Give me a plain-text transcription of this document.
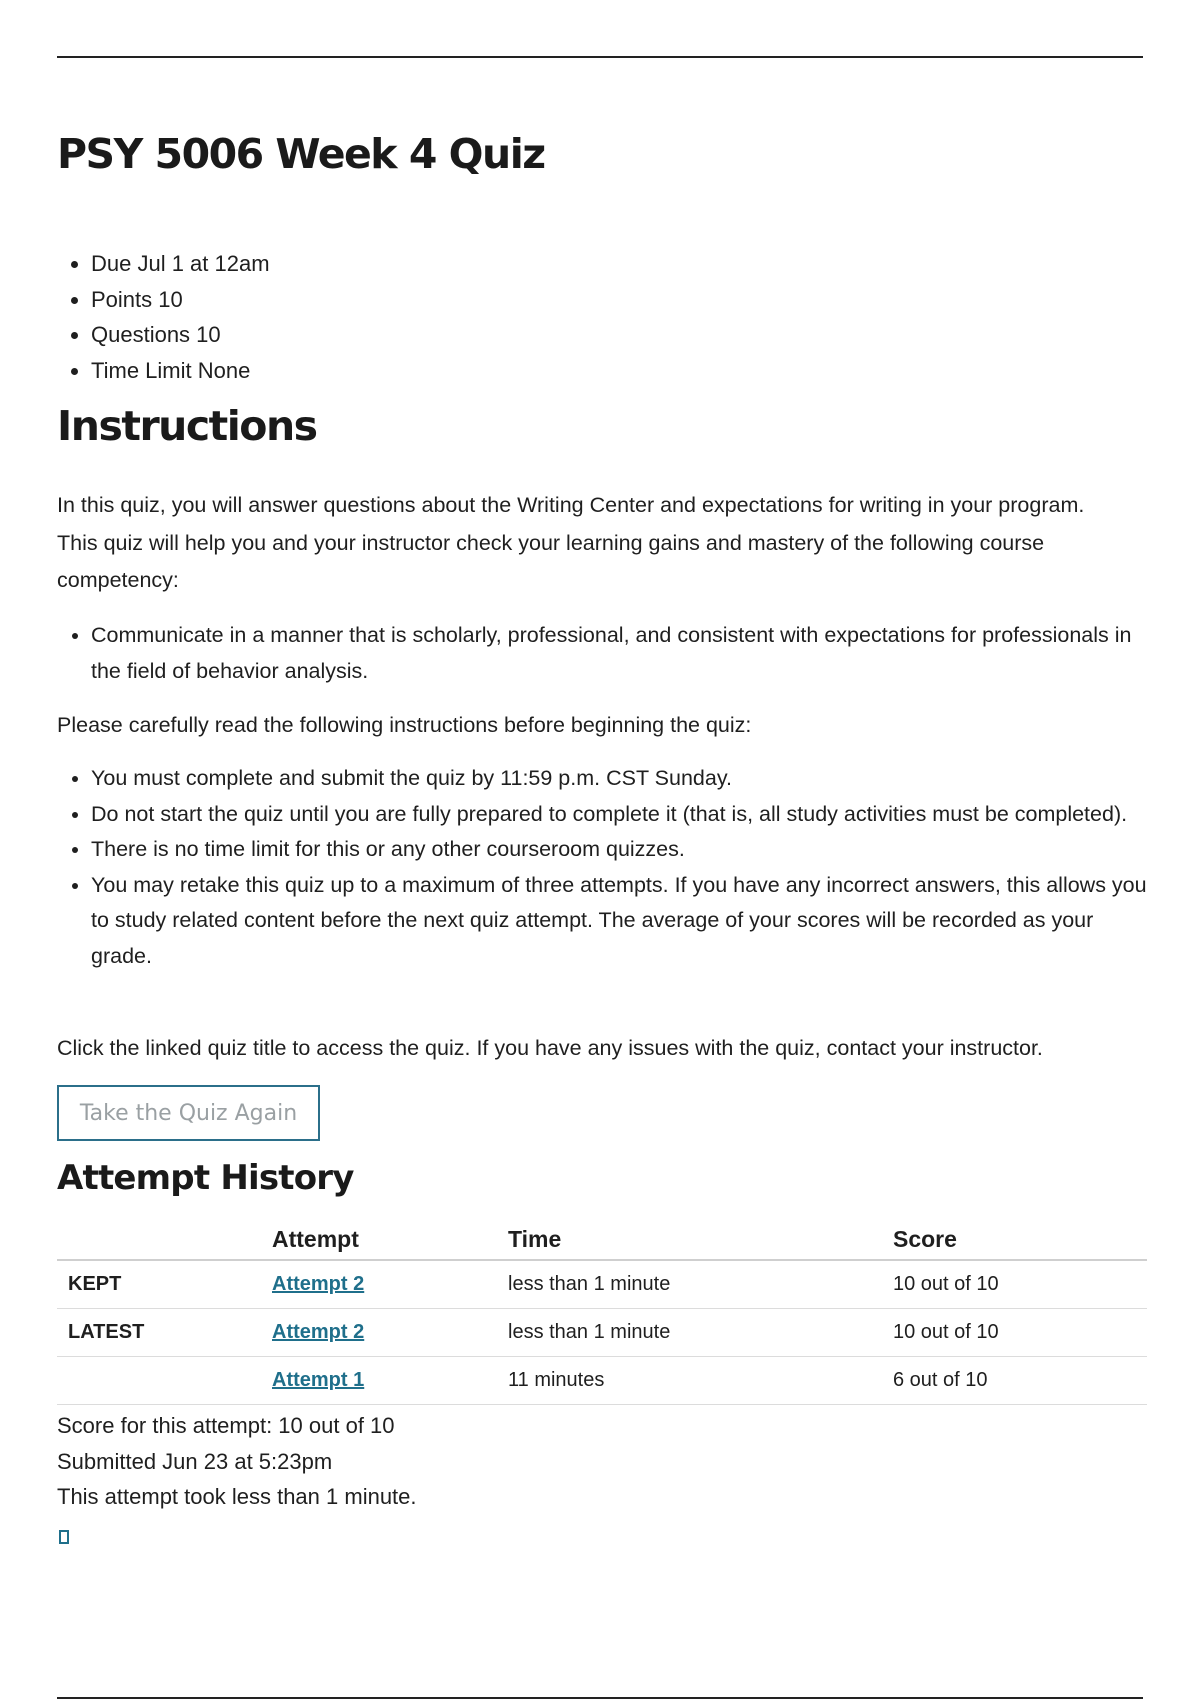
PSY 5006 Week 4 Quiz
• Due Jul 1 at 12am
• Points 10
• Questions 10
• Time Limit None
Instructions

In this quiz, you will answer questions about the Writing Center and expectations for writing in your program. This quiz will help you and your instructor check your learning gains and mastery of the following course competency:

• Communicate in a manner that is scholarly, professional, and consistent with expectations for professionals in the field of behavior analysis.

Please carefully read the following instructions before beginning the quiz:

• You must complete and submit the quiz by 11:59 p.m. CST Sunday.
• Do not start the quiz until you are fully prepared to complete it (that is, all study activities must be completed).
• There is no time limit for this or any other courseroom quizzes.
• You may retake this quiz up to a maximum of three attempts. If you have any incorrect answers, this allows you to study related content before the next quiz attempt. The average of your scores will be recorded as your grade.

Click the linked quiz title to access the quiz. If you have any issues with the quiz, contact your instructor.

Take the Quiz Again
Attempt History
	Attempt	Time	Score
KEPT	Attempt 2	less than 1 minute	10 out of 10
LATEST	Attempt 2	less than 1 minute	10 out of 10
	Attempt 1	11 minutes	6 out of 10
Score for this attempt: 10 out of 10
Submitted Jun 23 at 5:23pm
This attempt took less than 1 minute.
